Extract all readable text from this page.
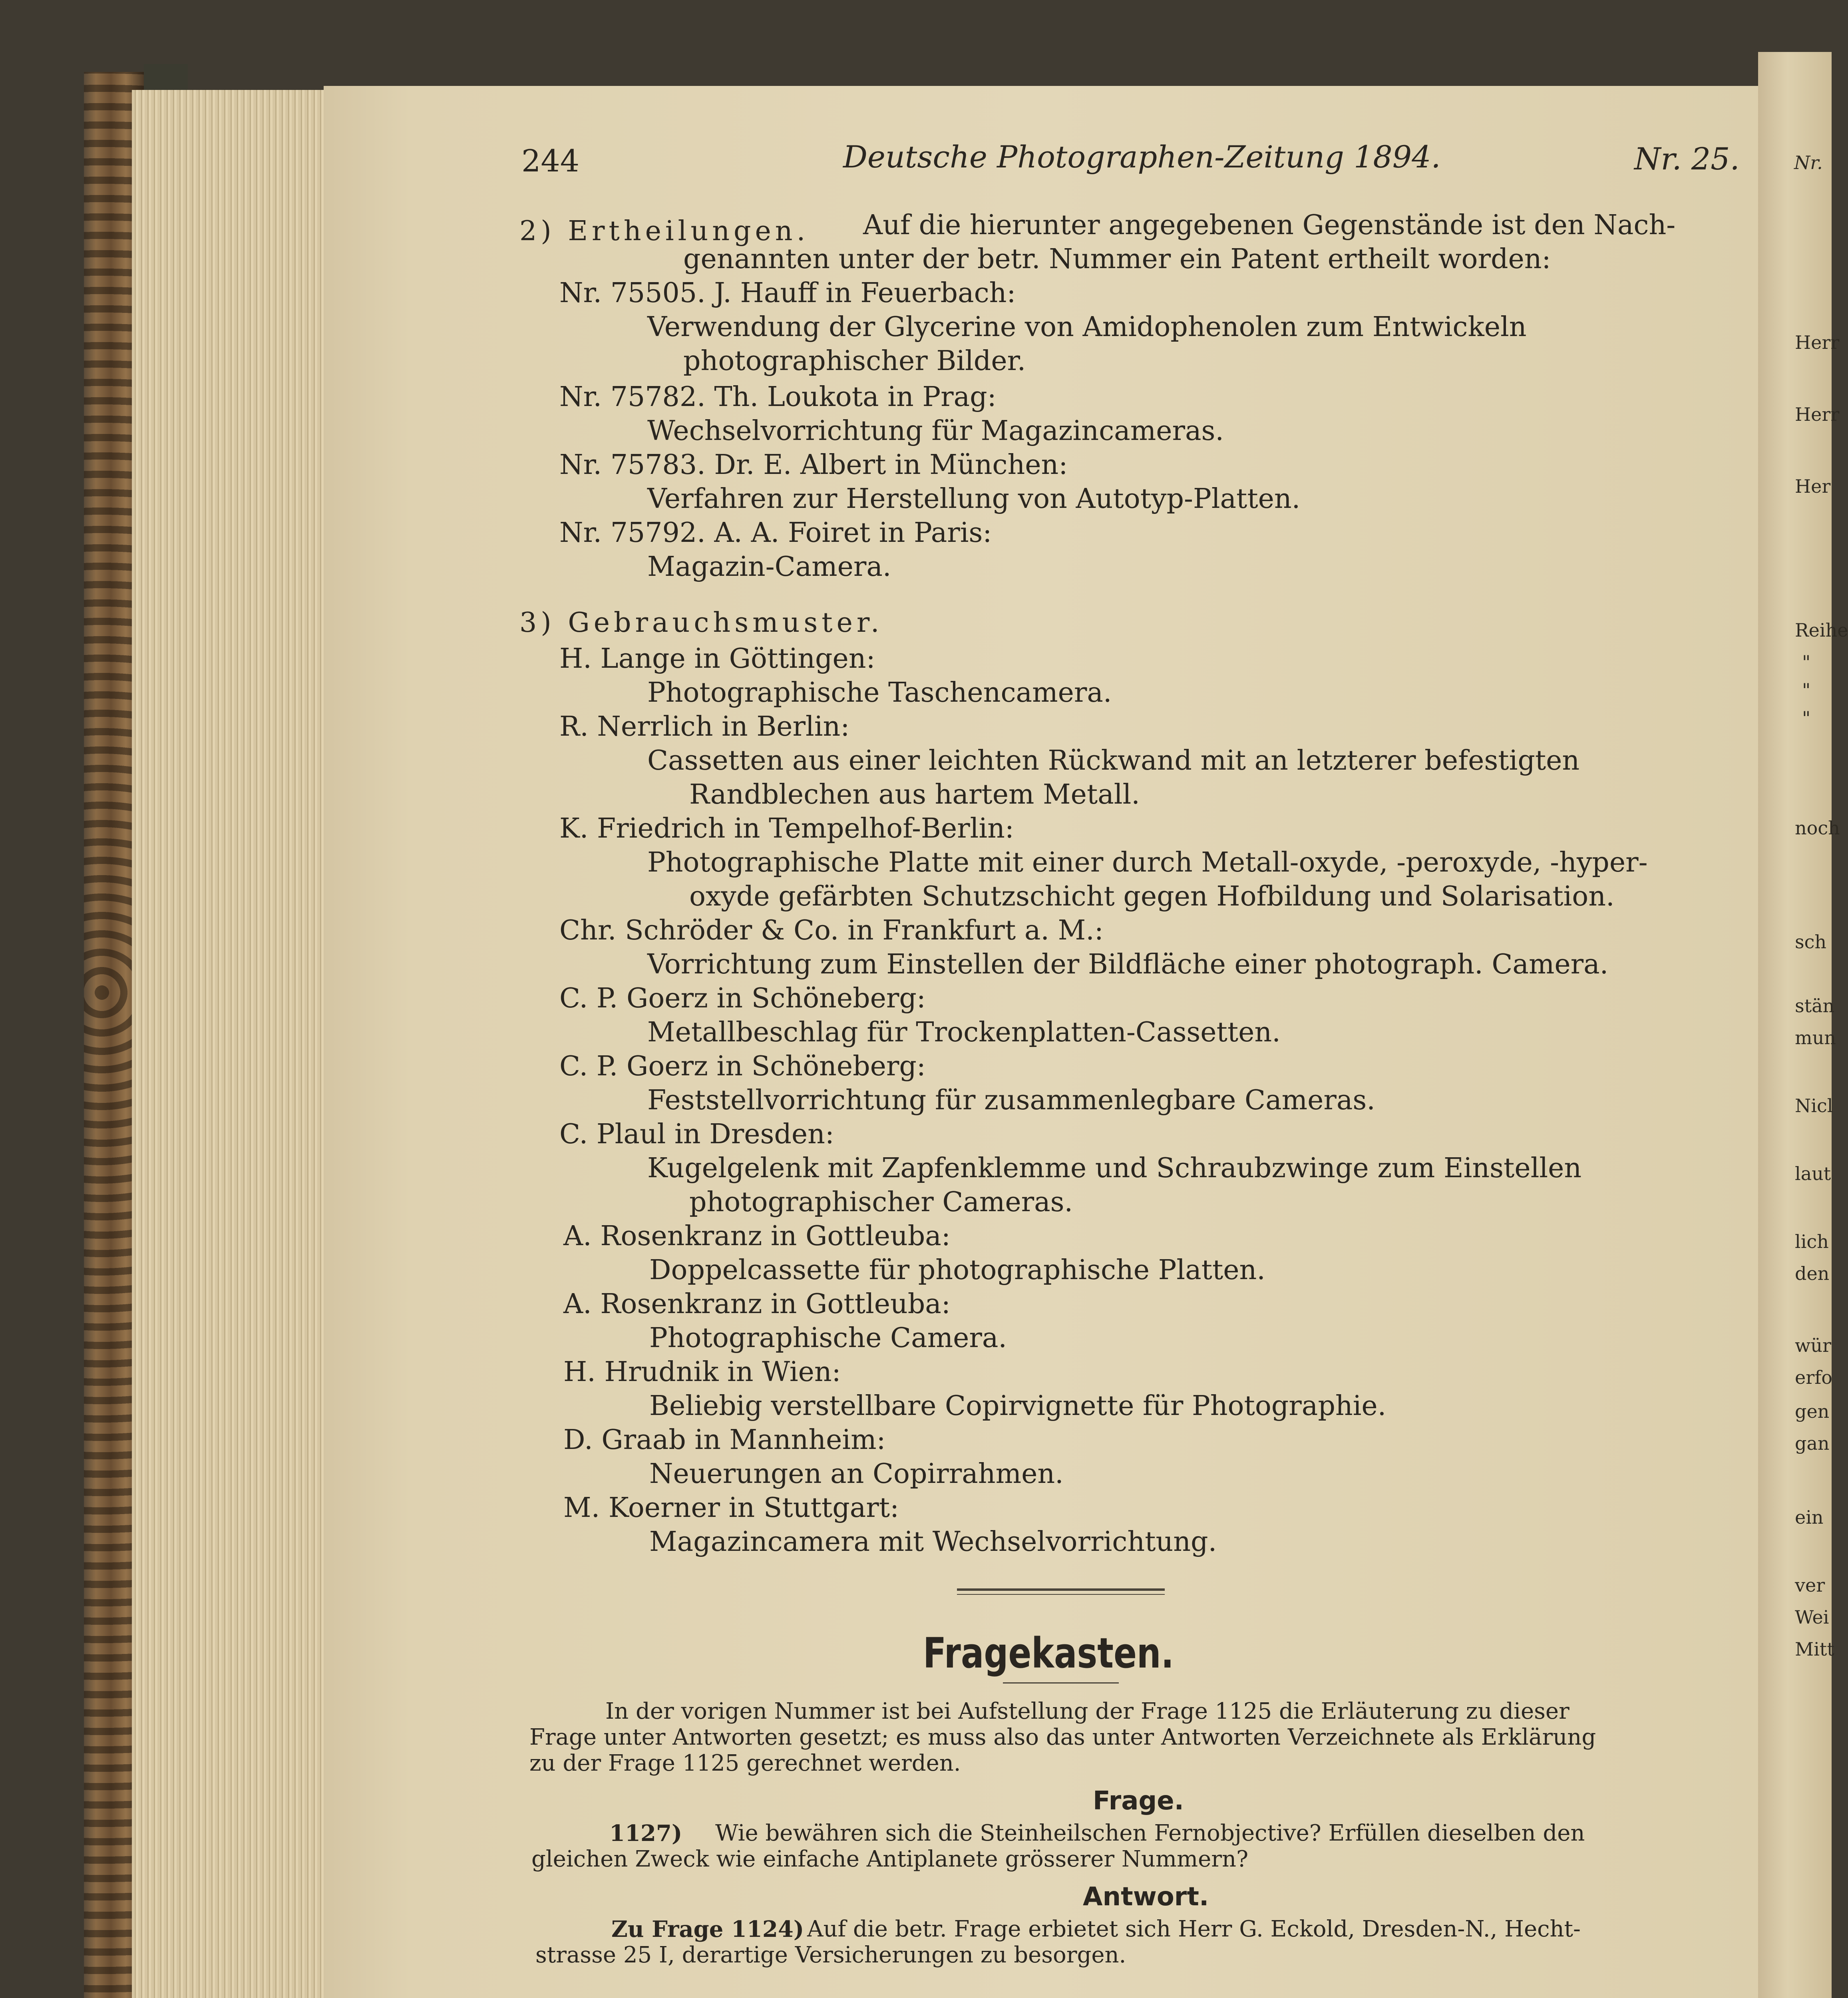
Nr.
Herr
Herr
Her
Reihe
"
"
"
noch
sch
stän
mun
Nicl
laut
lich
den
wür
erfo
gen
gan
ein
ver
Wei
Mitt
244	Deutsche Photographen-Zeitung 1894.	Nr. 25.
2) Ertheilungen. Auf die hierunter angegebenen Gegenstände ist den Nach-
genannten unter der betr. Nummer ein Patent ertheilt worden:
Nr. 75505. J. Hauff in Feuerbach:
Verwendung der Glycerine von Amidophenolen zum Entwickeln
photographischer Bilder.
Nr. 75782. Th. Loukota in Prag:
Wechselvorrichtung für Magazincameras.
Nr. 75783. Dr. E. Albert in München:
Verfahren zur Herstellung von Autotyp-Platten.
Nr. 75792. A. A. Foiret in Paris:
Magazin-Camera.
3) Gebrauchsmuster.
H. Lange in Göttingen:
Photographische Taschencamera.
R. Nerrlich in Berlin:
Cassetten aus einer leichten Rückwand mit an letzterer befestigten
Randblechen aus hartem Metall.
K. Friedrich in Tempelhof-Berlin:
Photographische Platte mit einer durch Metall-oxyde, -peroxyde, -hyper-
oxyde gefärbten Schutzschicht gegen Hofbildung und Solarisation.
Chr. Schröder & Co. in Frankfurt a. M.:
Vorrichtung zum Einstellen der Bildfläche einer photograph. Camera.
C. P. Goerz in Schöneberg:
Metallbeschlag für Trockenplatten-Cassetten.
C. P. Goerz in Schöneberg:
Feststellvorrichtung für zusammenlegbare Cameras.
C. Plaul in Dresden:
Kugelgelenk mit Zapfenklemme und Schraubzwinge zum Einstellen
photographischer Cameras.
A. Rosenkranz in Gottleuba:
Doppelcassette für photographische Platten.
A. Rosenkranz in Gottleuba:
Photographische Camera.
H. Hrudnik in Wien:
Beliebig verstellbare Copirvignette für Photographie.
D. Graab in Mannheim:
Neuerungen an Copirrahmen.
M. Koerner in Stuttgart:
Magazincamera mit Wechselvorrichtung.
Fragekasten.
In der vorigen Nummer ist bei Aufstellung der Frage 1125 die Erläuterung zu dieser
Frage unter Antworten gesetzt; es muss also das unter Antworten Verzeichnete als Erklärung
zu der Frage 1125 gerechnet werden.
Frage.
1127) Wie bewähren sich die Steinheilschen Fernobjective? Erfüllen dieselben den
gleichen Zweck wie einfache Antiplanete grösserer Nummern?
Antwort.
Zu Frage 1124) Auf die betr. Frage erbietet sich Herr G. Eckold, Dresden-N., Hecht-
strasse 25 I, derartige Versicherungen zu besorgen.
